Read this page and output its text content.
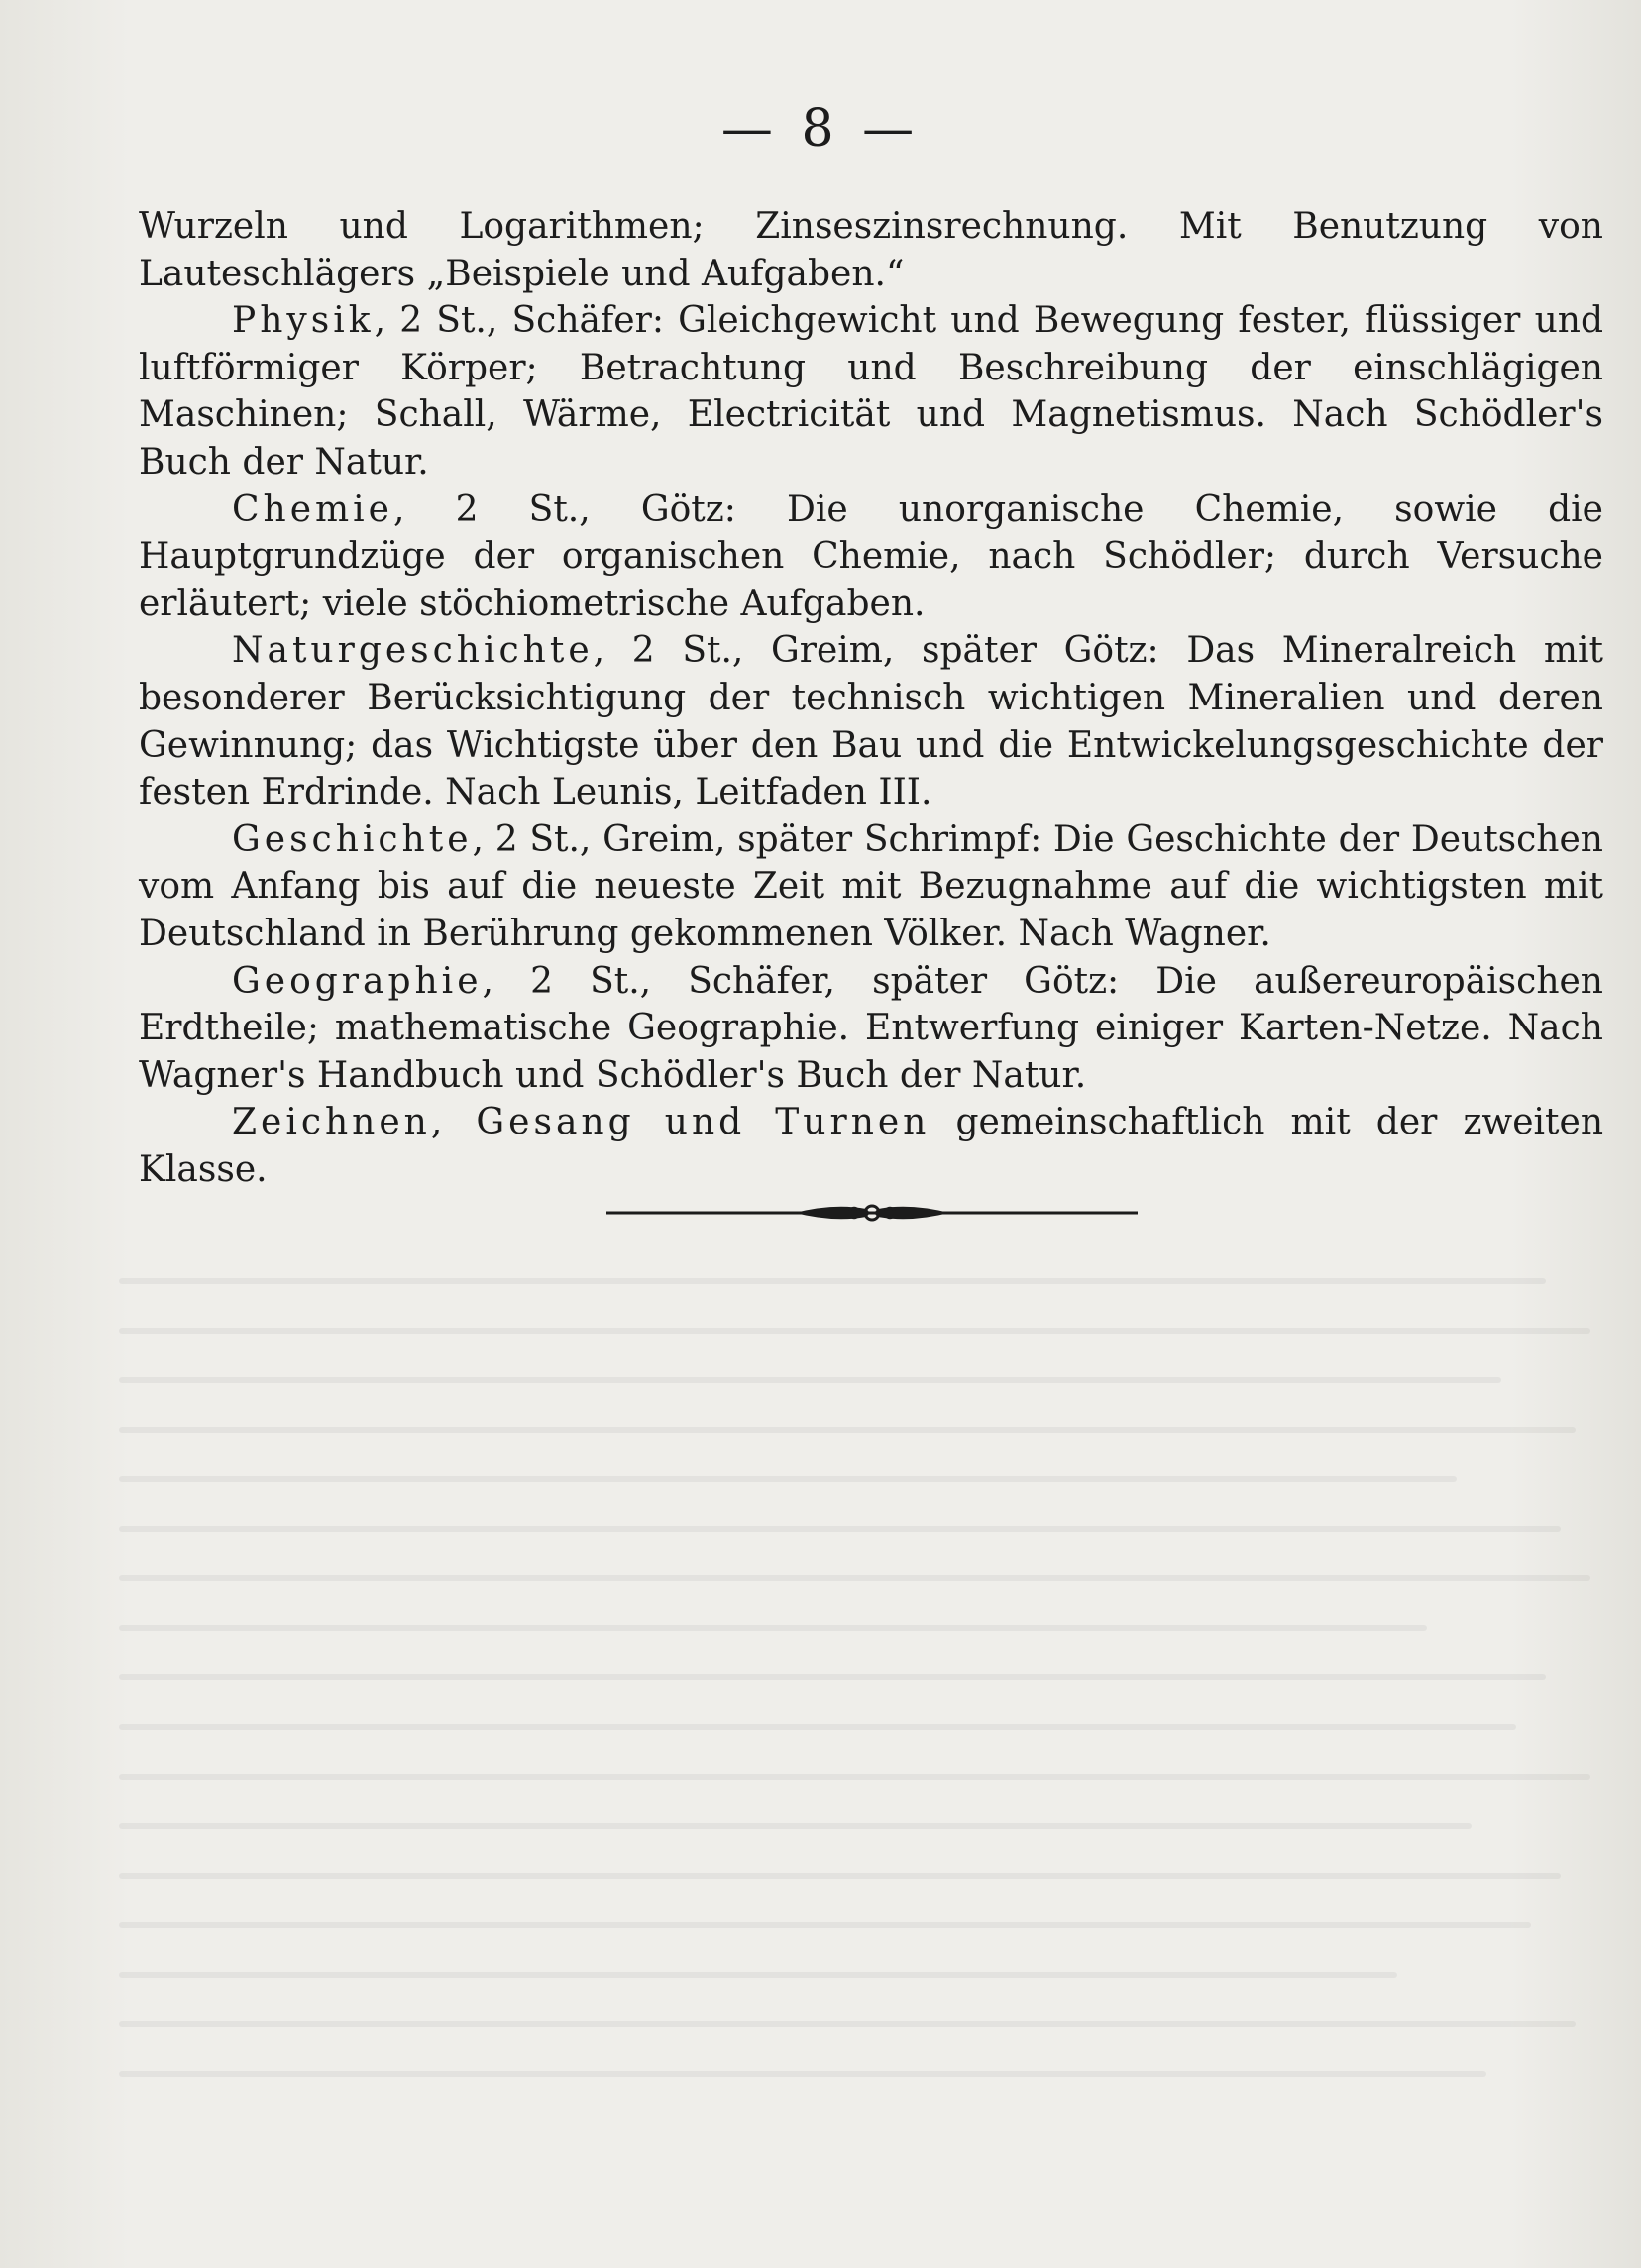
— 8 —

Wurzeln und Logarithmen; Zinseszinsrechnung. Mit Benutzung von Lauteschlägers „Beispiele und Aufgaben.“

Physik, 2 St., Schäfer: Gleichgewicht und Bewegung fester, flüssiger und luftförmiger Körper; Betrachtung und Beschreibung der einschlägigen Maschinen; Schall, Wärme, Electricität und Magnetismus. Nach Schödler's Buch der Natur.

Chemie, 2 St., Götz: Die unorganische Chemie, sowie die Hauptgrundzüge der organischen Chemie, nach Schödler; durch Versuche erläutert; viele stöchiometrische Aufgaben.

Naturgeschichte, 2 St., Greim, später Götz: Das Mineralreich mit besonderer Berücksichtigung der technisch wichtigen Mineralien und deren Gewinnung; das Wichtigste über den Bau und die Entwickelungsgeschichte der festen Erdrinde. Nach Leunis, Leitfaden III.

Geschichte, 2 St., Greim, später Schrimpf: Die Geschichte der Deutschen vom Anfang bis auf die neueste Zeit mit Bezugnahme auf die wichtigsten mit Deutschland in Berührung gekommenen Völker. Nach Wagner.

Geographie, 2 St., Schäfer, später Götz: Die außereuropäischen Erdtheile; mathematische Geographie. Entwerfung einiger Karten-Netze. Nach Wagner's Handbuch und Schödler's Buch der Natur.

Zeichnen, Gesang und Turnen gemeinschaftlich mit der zweiten Klasse.
